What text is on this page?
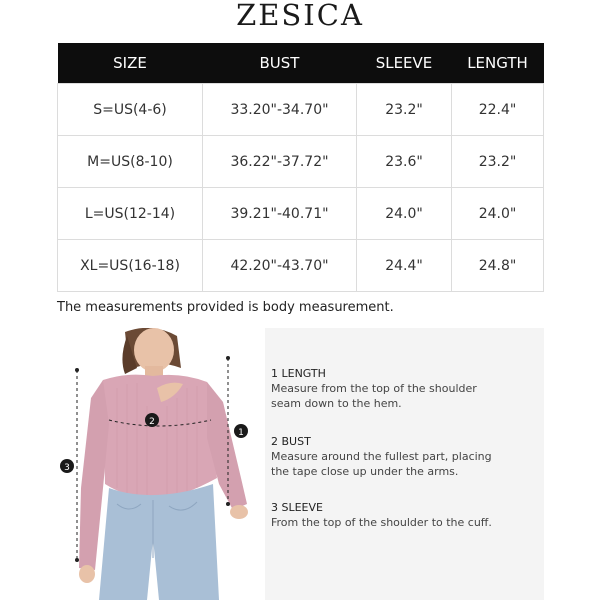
ZESICA
SIZE	BUST	SLEEVE	LENGTH
S=US(4-6)	33.20"-34.70"	23.2"	22.4"
M=US(8-10)	36.22"-37.72"	23.6"	23.2"
L=US(12-14)	39.21"-40.71"	24.0"	24.0"
XL=US(16-18)	42.20"-43.70"	24.4"	24.8"
The measurements provided is body measurement.
2
1
3
1 LENGTH
Measure from the top of the shoulder
seam down to the hem.
2 BUST
Measure around the fullest part, placing
the tape close up under the arms.
3 SLEEVE
From the top of the shoulder to the cuff.
